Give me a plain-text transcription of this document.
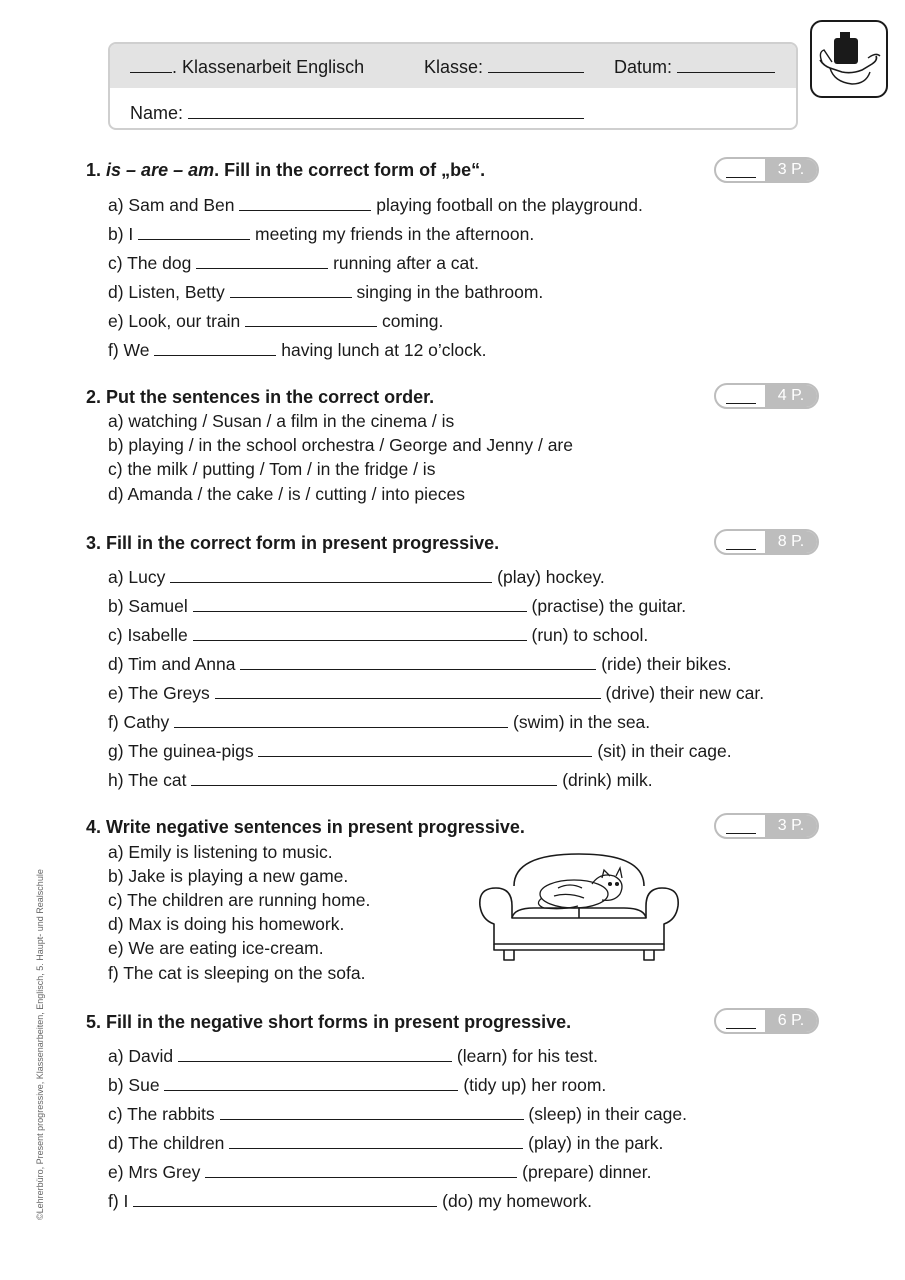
. Klassenarbeit Englisch	Klasse:	Datum:
Name:
1. is – are – am. Fill in the correct form of „be“.	3 P.
a) Sam and Ben	playing football on the playground.
b) I	meeting my friends in the afternoon.
c) The dog	running after a cat.
d) Listen, Betty	singing in the bathroom.
e) Look, our train	coming.
f) We	having lunch at 12 o’clock.
2. Put the sentences in the correct order.	4 P.
a) watching / Susan / a film in the cinema / is
b) playing / in the school orchestra / George and Jenny / are
c) the milk / putting / Tom / in the fridge / is
d) Amanda / the cake / is / cutting / into pieces
3. Fill in the correct form in present progressive.	8 P.
a) Lucy	(play) hockey.
b) Samuel	(practise) the guitar.
c) Isabelle	(run) to school.
d) Tim and Anna	(ride) their bikes.
e) The Greys	(drive) their new car.
f) Cathy	(swim) in the sea.
g) The guinea-pigs	(sit) in their cage.
h) The cat	(drink) milk.
4. Write negative sentences in present progressive.	3 P.
a) Emily is listening to music.
b) Jake is playing a new game.
c) The children are running home.
d) Max is doing his homework.
e) We are eating ice-cream.
f) The cat is sleeping on the sofa.
5. Fill in the negative short forms in present progressive.	6 P.
a) David	(learn) for his test.
b) Sue	(tidy up) her room.
c) The rabbits	(sleep) in their cage.
d) The children	(play) in the park.
e) Mrs Grey	(prepare) dinner.
f) I	(do) my homework.
©Lehrerbüro, Present progressive, Klassenarbeiten, Englisch, 5. Haupt- und Realschule
